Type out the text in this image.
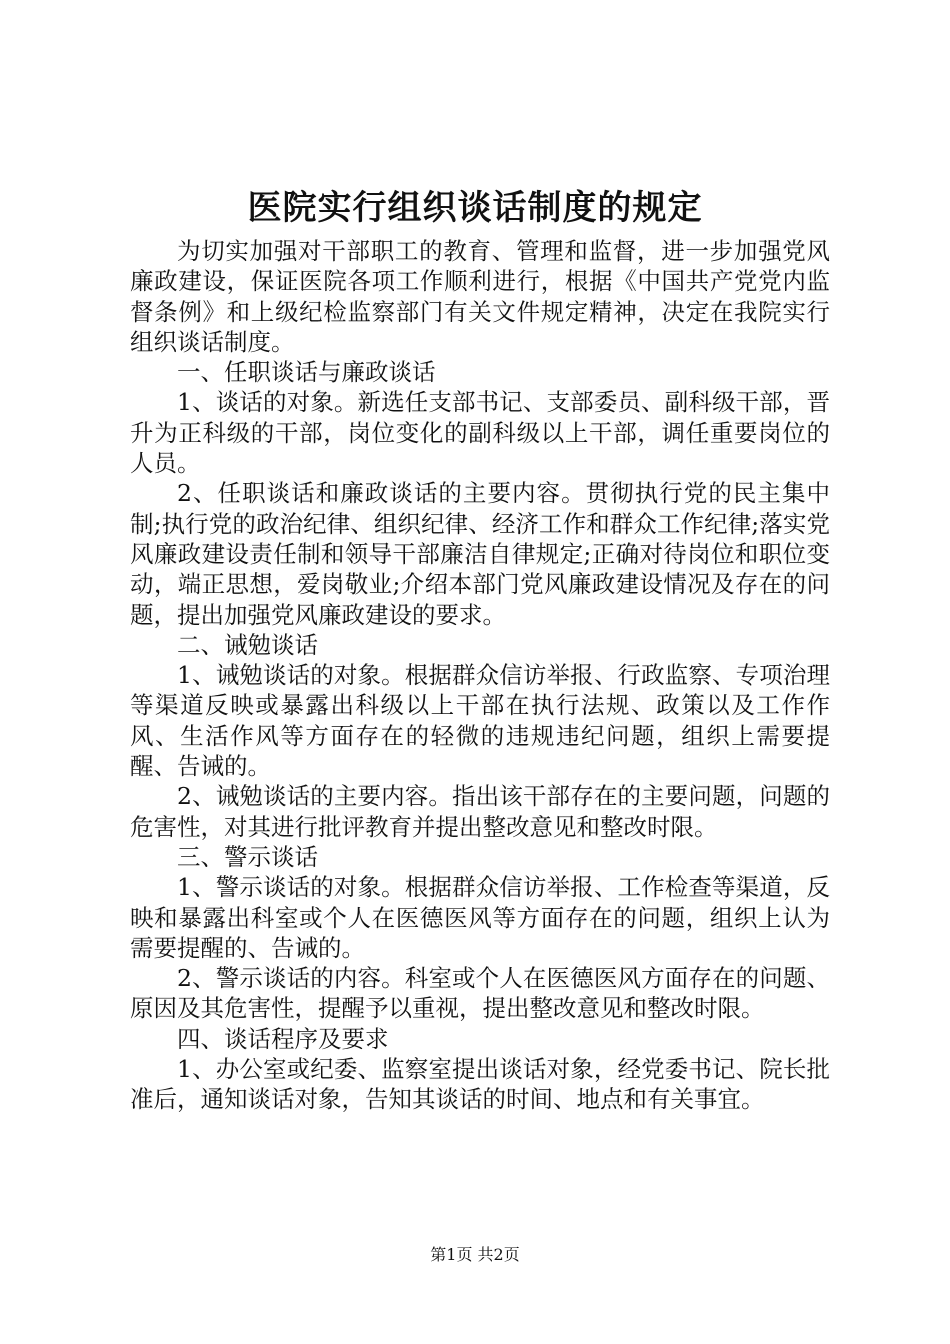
医院实行组织谈话制度的规定

为切实加强对干部职工的教育、管理和监督，进一步加强党风廉政建设，保证医院各项工作顺利进行，根据《中国共产党党内监督条例》和上级纪检监察部门有关文件规定精神，决定在我院实行组织谈话制度。

一、任职谈话与廉政谈话

1、谈话的对象。新选任支部书记、支部委员、副科级干部，晋升为正科级的干部，岗位变化的副科级以上干部，调任重要岗位的人员。

2、任职谈话和廉政谈话的主要内容。贯彻执行党的民主集中制;执行党的政治纪律、组织纪律、经济工作和群众工作纪律;落实党风廉政建设责任制和领导干部廉洁自律规定;正确对待岗位和职位变动，端正思想，爱岗敬业;介绍本部门党风廉政建设情况及存在的问题，提出加强党风廉政建设的要求。

二、诫勉谈话

1、诫勉谈话的对象。根据群众信访举报、行政监察、专项治理等渠道反映或暴露出科级以上干部在执行法规、政策以及工作作风、生活作风等方面存在的轻微的违规违纪问题，组织上需要提醒、告诫的。

2、诫勉谈话的主要内容。指出该干部存在的主要问题，问题的危害性，对其进行批评教育并提出整改意见和整改时限。

三、警示谈话

1、警示谈话的对象。根据群众信访举报、工作检查等渠道，反映和暴露出科室或个人在医德医风等方面存在的问题，组织上认为需要提醒的、告诫的。

2、警示谈话的内容。科室或个人在医德医风方面存在的问题、原因及其危害性，提醒予以重视，提出整改意见和整改时限。

四、谈话程序及要求

1、办公室或纪委、监察室提出谈话对象，经党委书记、院长批准后，通知谈话对象，告知其谈话的时间、地点和有关事宜。

第1页 共2页
